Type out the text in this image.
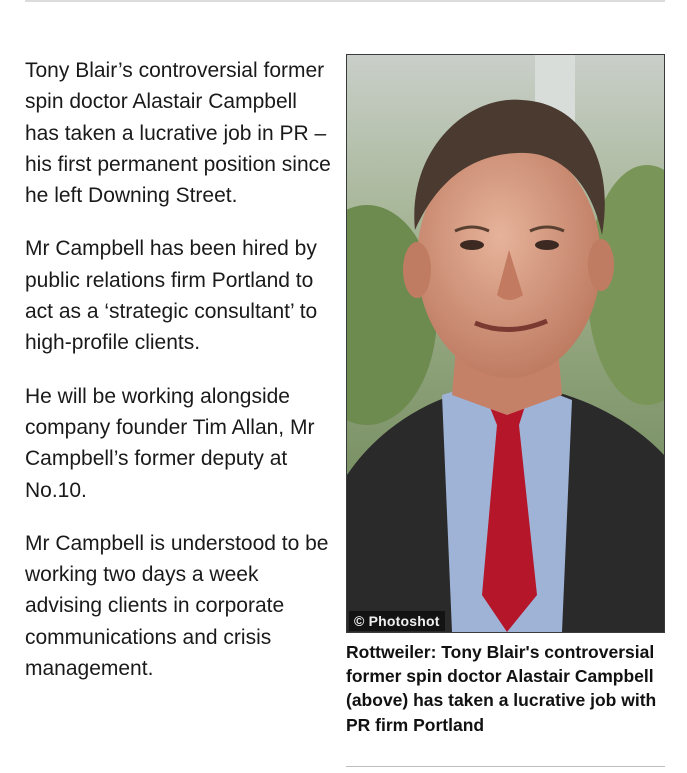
Tony Blair’s controversial former spin doctor Alastair Campbell has taken a lucrative job in PR – his first permanent position since he left Downing Street.

Mr Campbell has been hired by public relations firm Portland to act as a ‘strategic consultant’ to high-profile clients.

He will be working alongside company founder Tim Allan, Mr Campbell’s former deputy at No.10.

Mr Campbell is understood to be working two days a week advising clients in corporate communications and crisis management.

© Photoshot
Rottweiler: Tony Blair's controversial former spin doctor Alastair Campbell (above) has taken a lucrative job with PR firm Portland
